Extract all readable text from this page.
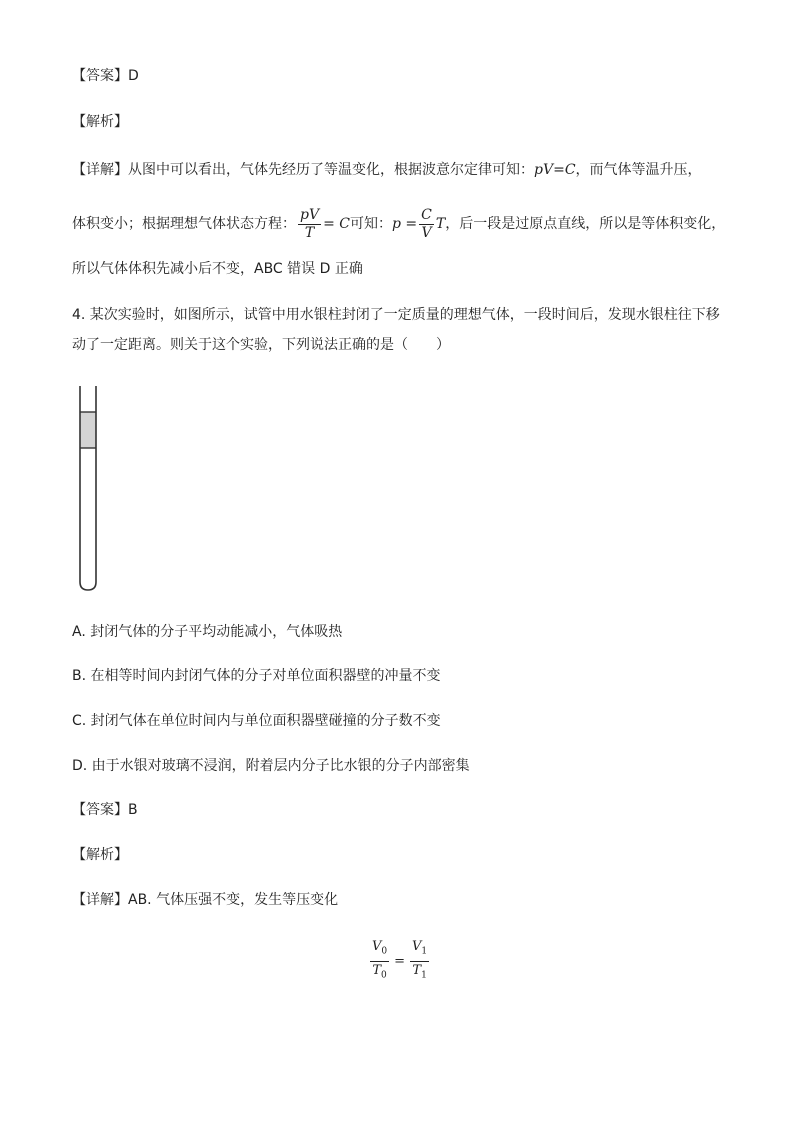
【答案】D
【解析】
【详解】 从图中可以看出，气体先经历了等温变化，根据波意尔定律可知： p V = C ，而气体等温升压，
体积变小；根据理想气体状态方程： $\frac{pV}{T} = C$ 可知： $p = \frac{C}{V}$ T ，后一段是过原点直线，所以是等体积变化，
所以气体体积先减小后不变，ABC 错误 D 正确
4. 某次实验时，如图所示，试管中用水银柱封闭了一定质量的理想气体，一段时间后，发现水银柱往下移
动了一定距离。则关于这个实验，下列说法正确的是（　　）
A. 封闭气体的分子平均动能减小，气体吸热
B. 在相等时间内封闭气体的分子对单位面积器壁的冲量不变
C. 封闭气体在单位时间内与单位面积器壁碰撞的分子数不变
D. 由于水银对玻璃不浸润，附着层内分子比水银的分子内部密集
【答案】B
【解析】
【详解】AB. 气体压强不变，发生等压变化
$\frac{V_0}{T_0} = \frac{V_1}{T_1}$
